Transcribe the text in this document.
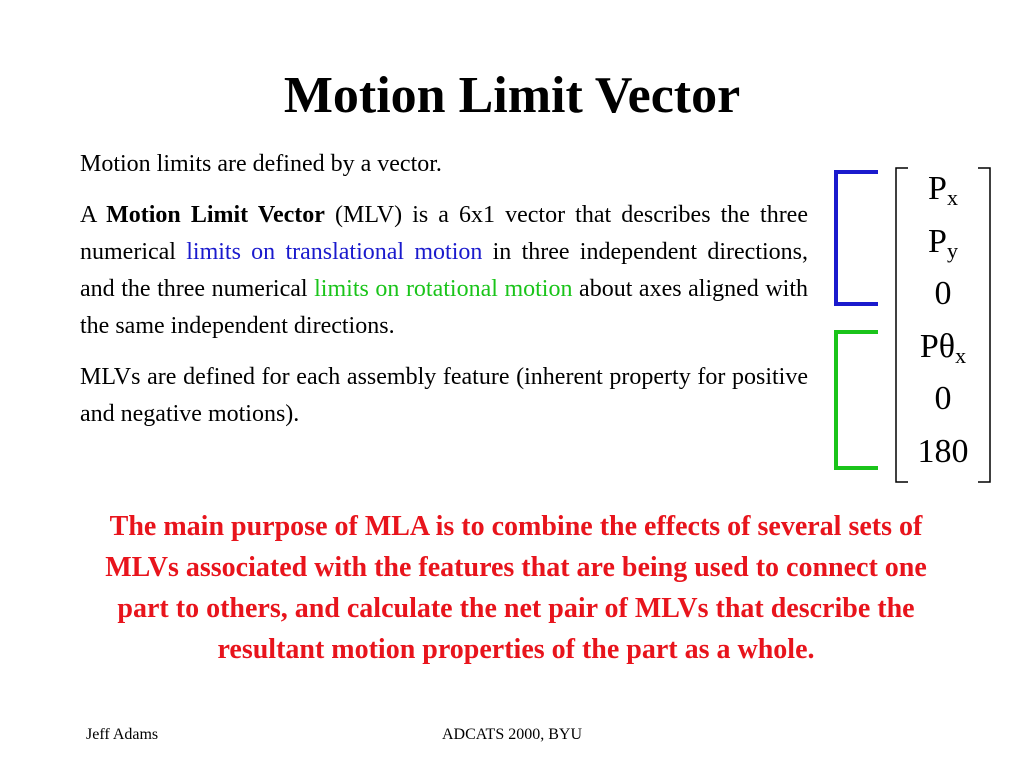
Motion Limit Vector

Motion limits are defined by a vector.

A Motion Limit Vector (MLV) is a 6x1 vector that describes the three numerical limits on translational motion in three independent directions, and the three numerical limits on rotational motion about axes aligned with the same independent directions.

MLVs are defined for each assembly feature (inherent property for positive and negative motions).

$P_x$
$P_y$
0
$P\theta_x$
0
180
The main purpose of MLA is to combine the effects of several sets of MLVs associated with the features that are being used to connect one part to others, and calculate the net pair of MLVs that describe the resultant motion properties of the part as a whole.
ADCATS 2000, BYU
Jeff Adams
